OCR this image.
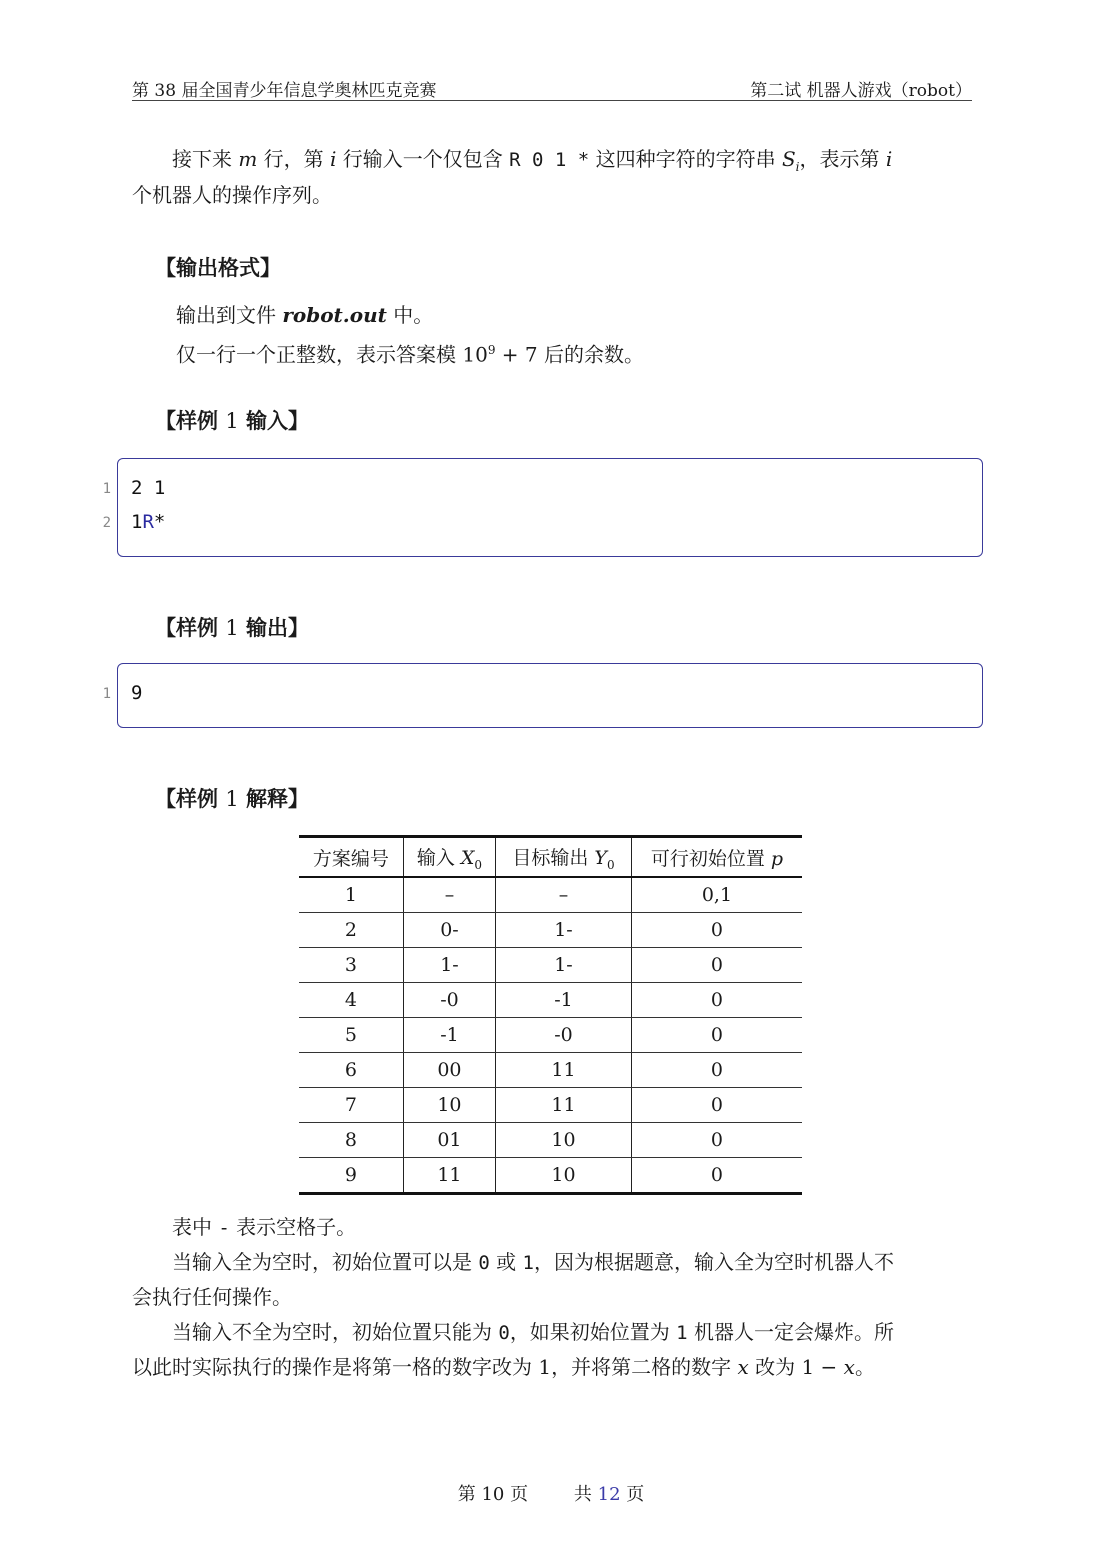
第 38 届全国青少年信息学奥林匹克竞赛	第二试 机器人游戏（robot）
接下来 m 行，第 i 行输入一个仅包含 R 0 1 * 这四种字符的字符串 $S_i$，表示第 i
个机器人的操作序列。
【输出格式】
输出到文件 robot.out 中。
仅一行一个正整数，表示答案模 $10^9 + 7$ 后的余数。
【样例 1 输入】
1 2 1
2 1R*
【样例 1 输出】
1 9
【样例 1 解释】
方案编号	输入 $X_0$	目标输出 $Y_0$	可行初始位置 p
1	–	–	0,1
2	0-	1-	0
3	1-	1-	0
4	-0	-1	0
5	-1	-0	0
6	00	11	0
7	10	11	0
8	01	10	0
9	11	10	0
表中 - 表示空格子。
当输入全为空时，初始位置可以是 0 或 1，因为根据题意，输入全为空时机器人不
会执行任何操作。
当输入不全为空时，初始位置只能为 0，如果初始位置为 1 机器人一定会爆炸。所
以此时实际执行的操作是将第一格的数字改为 1，并将第二格的数字 x 改为 1 − x。
第 10 页	共 12 页
